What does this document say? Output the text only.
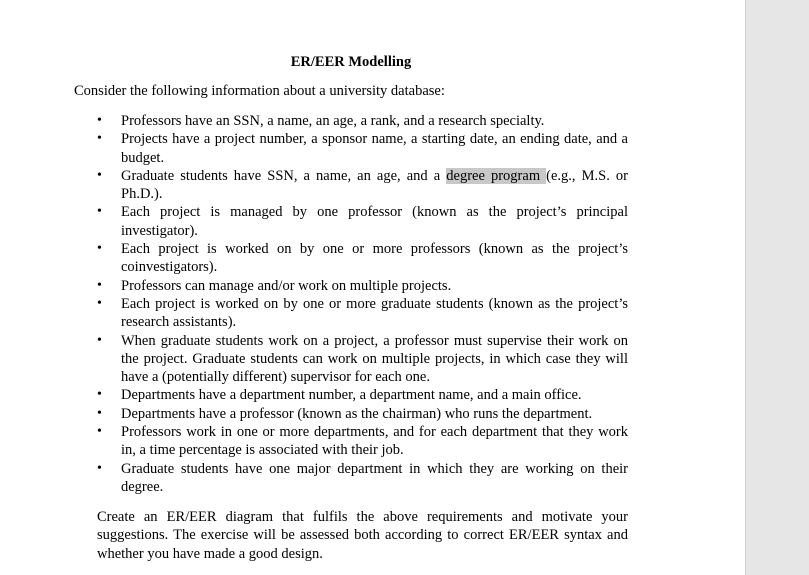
ER/EER Modelling
Consider the following information about a university database:
• Professors have an SSN, a name, an age, a rank, and a research specialty.
• Projects have a project number, a sponsor name, a starting date, an ending date, and a budget.
• Graduate students have SSN, a name, an age, and a degree program (e.g., M.S. or Ph.D.).
• Each project is managed by one professor (known as the project’s principal investigator).
• Each project is worked on by one or more professors (known as the project’s coinvestigators).
• Professors can manage and/or work on multiple projects.
• Each project is worked on by one or more graduate students (known as the project’s research assistants).
• When graduate students work on a project, a professor must supervise their work on the project. Graduate students can work on multiple projects, in which case they will have a (potentially different) supervisor for each one.
• Departments have a department number, a department name, and a main office.
• Departments have a professor (known as the chairman) who runs the department.
• Professors work in one or more departments, and for each department that they work in, a time percentage is associated with their job.
• Graduate students have one major department in which they are working on their degree.
Create an ER/EER diagram that fulfils the above requirements and motivate your suggestions. The exercise will be assessed both according to correct ER/EER syntax and whether you have made a good design.
